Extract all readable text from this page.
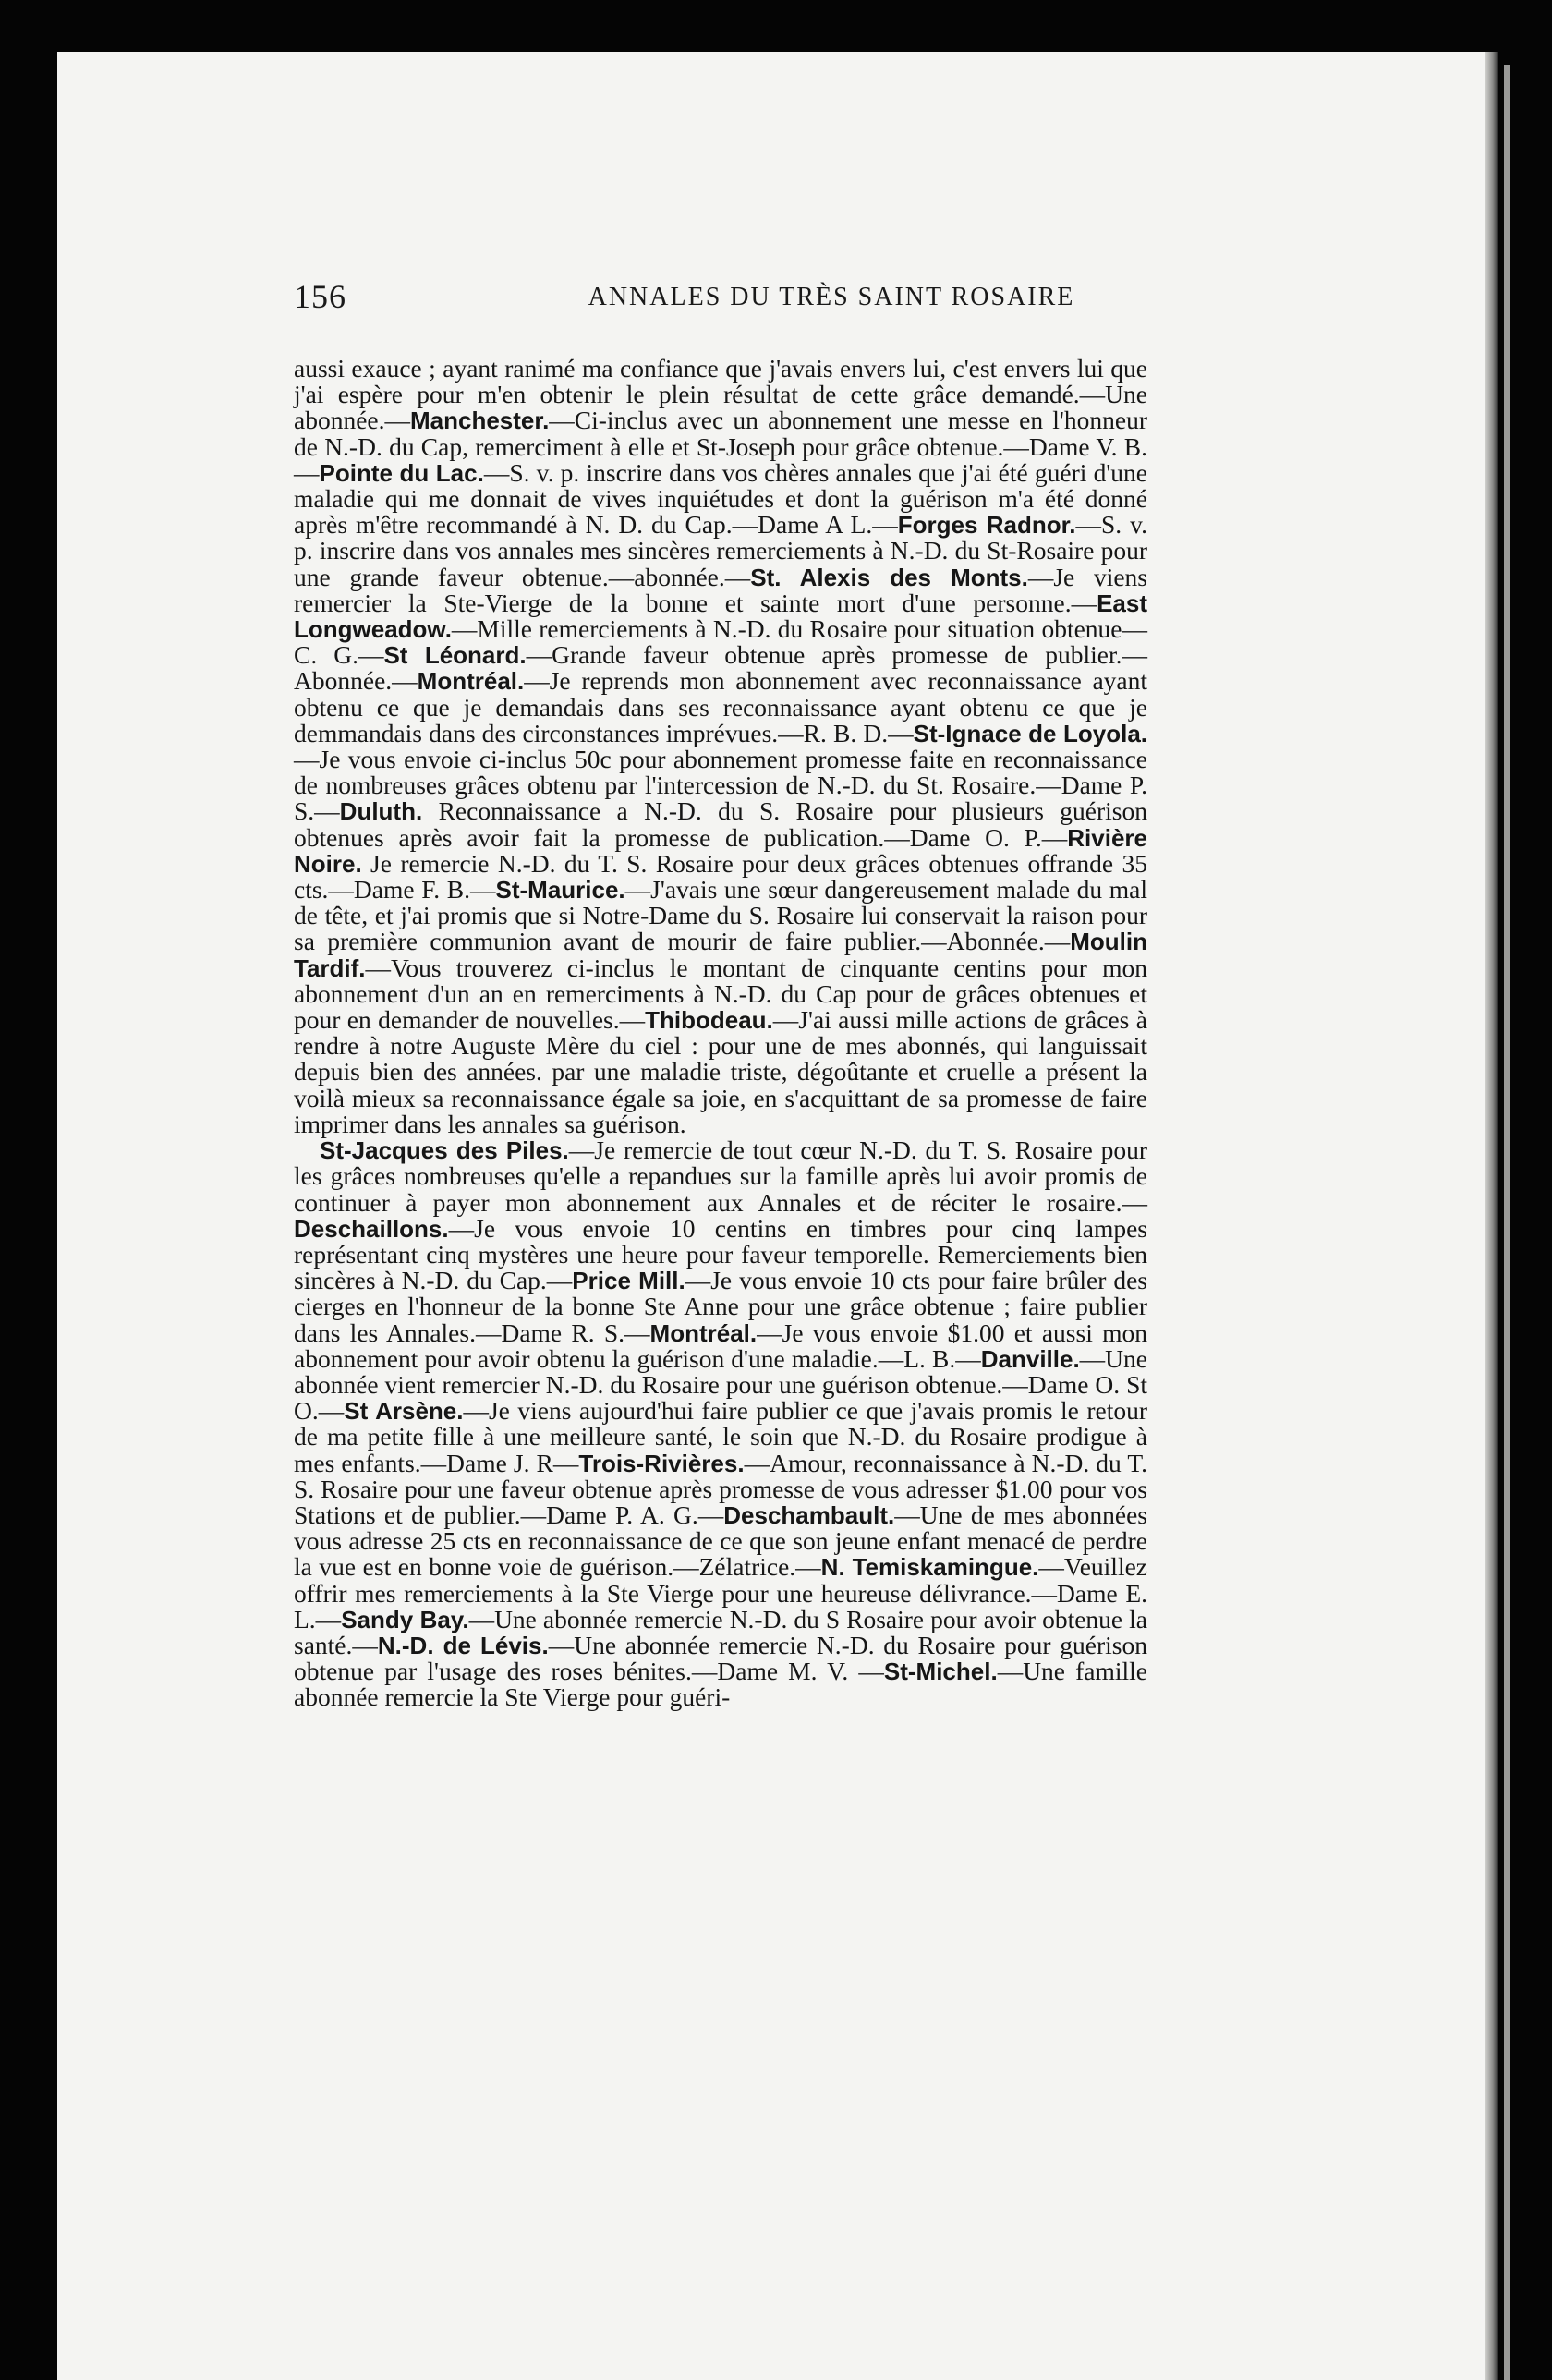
156	ANNALES DU TRÈS SAINT ROSAIRE

aussi exauce ; ayant ranimé ma confiance que j'avais envers lui, c'est envers lui que j'ai espère pour m'en obtenir le plein résultat de cette grâce demandé.—Une abonnée.—Manchester.—Ci-inclus avec un abonnement une messe en l'honneur de N.-D. du Cap, remerciment à elle et St-Joseph pour grâce obtenue.—Dame V. B.—Pointe du Lac.—S. v. p. inscrire dans vos chères annales que j'ai été guéri d'une maladie qui me donnait de vives inquiétudes et dont la guérison m'a été donné après m'être recommandé à N. D. du Cap.—Dame A L.—Forges Radnor.—S. v. p. inscrire dans vos annales mes sincères remerciements à N.-D. du St-Rosaire pour une grande faveur obtenue.—abonnée.—St. Alexis des Monts.—Je viens remercier la Ste-Vierge de la bonne et sainte mort d'une personne.—East Longweadow.—Mille remerciements à N.-D. du Rosaire pour situation obtenue— C. G.—St Léonard.—Grande faveur obtenue après promesse de publier.—Abonnée.—Montréal.—Je reprends mon abonnement avec reconnaissance ayant obtenu ce que je demandais dans ses reconnaissance ayant obtenu ce que je demmandais dans des circonstances imprévues.—R. B. D.—St-Ignace de Loyola.—Je vous envoie ci-inclus 50c pour abonnement promesse faite en reconnaissance de nombreuses grâces obtenu par l'intercession de N.-D. du St. Rosaire.—Dame P. S.—Duluth. Reconnaissance a N.-D. du S. Rosaire pour plusieurs guérison obtenues après avoir fait la promesse de publication.—Dame O. P.—Rivière Noire. Je remercie N.-D. du T. S. Rosaire pour deux grâces obtenues offrande 35 cts.—Dame F. B.—St-Maurice.—J'avais une sœur dangereusement malade du mal de tête, et j'ai promis que si Notre-Dame du S. Rosaire lui conservait la raison pour sa première communion avant de mourir de faire publier.—Abonnée.—Moulin Tardif.—Vous trouverez ci-inclus le montant de cinquante centins pour mon abonnement d'un an en remerciments à N.-D. du Cap pour de grâces obtenues et pour en demander de nouvelles.—Thibodeau.—J'ai aussi mille actions de grâces à rendre à notre Auguste Mère du ciel : pour une de mes abonnés, qui languissait depuis bien des années. par une maladie triste, dégoûtante et cruelle a présent la voilà mieux sa reconnaissance égale sa joie, en s'acquittant de sa promesse de faire imprimer dans les annales sa guérison.

St-Jacques des Piles.—Je remercie de tout cœur N.-D. du T. S. Rosaire pour les grâces nombreuses qu'elle a repandues sur la famille après lui avoir promis de continuer à payer mon abonnement aux Annales et de réciter le rosaire.—Deschaillons.—Je vous envoie 10 centins en timbres pour cinq lampes représentant cinq mystères une heure pour faveur temporelle. Remerciements bien sincères à N.-D. du Cap.—Price Mill.—Je vous envoie 10 cts pour faire brûler des cierges en l'honneur de la bonne Ste Anne pour une grâce obtenue ; faire publier dans les Annales.—Dame R. S.—Montréal.—Je vous envoie $1.00 et aussi mon abonnement pour avoir obtenu la guérison d'une maladie.—L. B.—Danville.—Une abonnée vient remercier N.-D. du Rosaire pour une guérison obtenue.—Dame O. St O.—St Arsène.—Je viens aujourd'hui faire publier ce que j'avais promis le retour de ma petite fille à une meilleure santé, le soin que N.-D. du Rosaire prodigue à mes enfants.—Dame J. R—Trois-Rivières.—Amour, reconnaissance à N.-D. du T. S. Rosaire pour une faveur obtenue après promesse de vous adresser $1.00 pour vos Stations et de publier.—Dame P. A. G.—Deschambault.—Une de mes abonnées vous adresse 25 cts en reconnaissance de ce que son jeune enfant menacé de perdre la vue est en bonne voie de guérison.—Zélatrice.—N. Temiskamingue.—Veuillez offrir mes remerciements à la Ste Vierge pour une heureuse délivrance.—Dame E. L.—Sandy Bay.—Une abonnée remercie N.-D. du S Rosaire pour avoir obtenue la santé.—N.-D. de Lévis.—Une abonnée remercie N.-D. du Rosaire pour guérison obtenue par l'usage des roses bénites.—Dame M. V. —St-Michel.—Une famille abonnée remercie la Ste Vierge pour guéri-
